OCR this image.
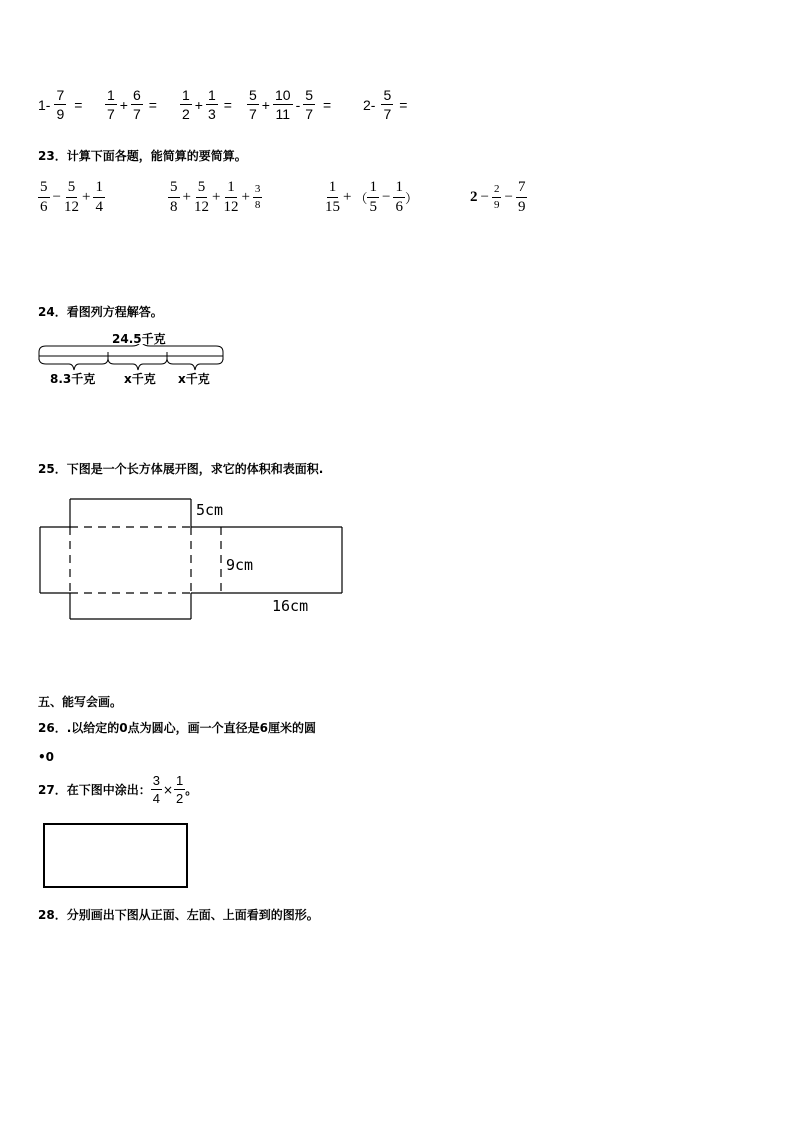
$1- \frac{7}{9}$ =
1
7
+ $\frac{6}{7}$ =
1
2
+ $\frac{1}{3}$ =
5
7
+ $\frac{10}{11} - \frac{5}{7} = 2- \frac{5}{7}$ =
23．计算下面各题，能简算的要简算。
5
6
− $\frac{5}{12} + \frac{1}{4}$	5
8
+ $\frac{5}{12} + \frac{1}{12} + \frac{3}{8}$	1
15
+ （
1
5
− $\frac{1}{6}$ ）	$2 - \frac{2}{9} - \frac{7}{9}$
24．看图列方程解答。
24.5千克
8.3千克 x千克 x千克
25．下图是一个长方体展开图，求它的体积和表面积.
5cm
9cm
16cm
五、能写会画。
26．.以给定的0点为圆心，画一个直径是6厘米的圆
•0
27．在下图中涂出： $\frac{3}{4} \times \frac{1}{2}$ 。
28．分别画出下图从正面、左面、上面看到的图形。
